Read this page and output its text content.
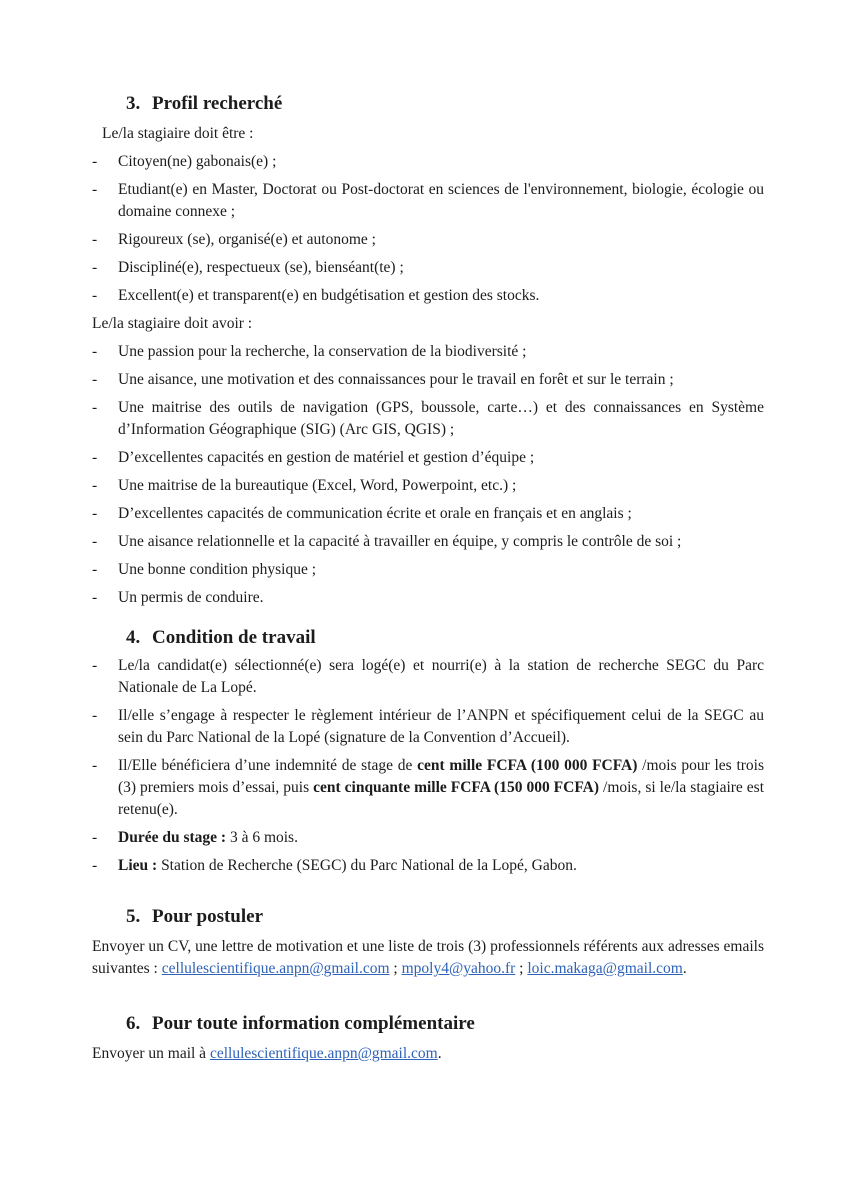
3. Profil recherché

Le/la stagiaire doit être :

- Citoyen(ne) gabonais(e) ;
- Etudiant(e) en Master, Doctorat ou Post-doctorat en sciences de l'environnement, biologie, écologie ou domaine connexe ;
- Rigoureux (se), organisé(e) et autonome ;
- Discipliné(e), respectueux (se), bienséant(te) ;
- Excellent(e) et transparent(e) en budgétisation et gestion des stocks.

Le/la stagiaire doit avoir :

- Une passion pour la recherche, la conservation de la biodiversité ;
- Une aisance, une motivation et des connaissances pour le travail en forêt et sur le terrain ;
- Une maitrise des outils de navigation (GPS, boussole, carte…) et des connaissances en Système d’Information Géographique (SIG) (Arc GIS, QGIS) ;
- D’excellentes capacités en gestion de matériel et gestion d’équipe ;
- Une maitrise de la bureautique (Excel, Word, Powerpoint, etc.) ;
- D’excellentes capacités de communication écrite et orale en français et en anglais ;
- Une aisance relationnelle et la capacité à travailler en équipe, y compris le contrôle de soi ;
- Une bonne condition physique ;
- Un permis de conduire.
4. Condition de travail
- Le/la candidat(e) sélectionné(e) sera logé(e) et nourri(e) à la station de recherche SEGC du Parc Nationale de La Lopé.
- Il/elle s’engage à respecter le règlement intérieur de l’ANPN et spécifiquement celui de la SEGC au sein du Parc National de la Lopé (signature de la Convention d’Accueil).
- Il/Elle bénéficiera d’une indemnité de stage de cent mille FCFA (100 000 FCFA) /mois pour les trois (3) premiers mois d’essai, puis cent cinquante mille FCFA (150 000 FCFA) /mois, si le/la stagiaire est retenu(e).
- Durée du stage : 3 à 6 mois.
- Lieu : Station de Recherche (SEGC) du Parc National de la Lopé, Gabon.
5. Pour postuler

Envoyer un CV, une lettre de motivation et une liste de trois (3) professionnels référents aux adresses emails suivantes : cellulescientifique.anpn@gmail.com ; mpoly4@yahoo.fr ; loic.makaga@gmail.com.

6. Pour toute information complémentaire

Envoyer un mail à cellulescientifique.anpn@gmail.com.
